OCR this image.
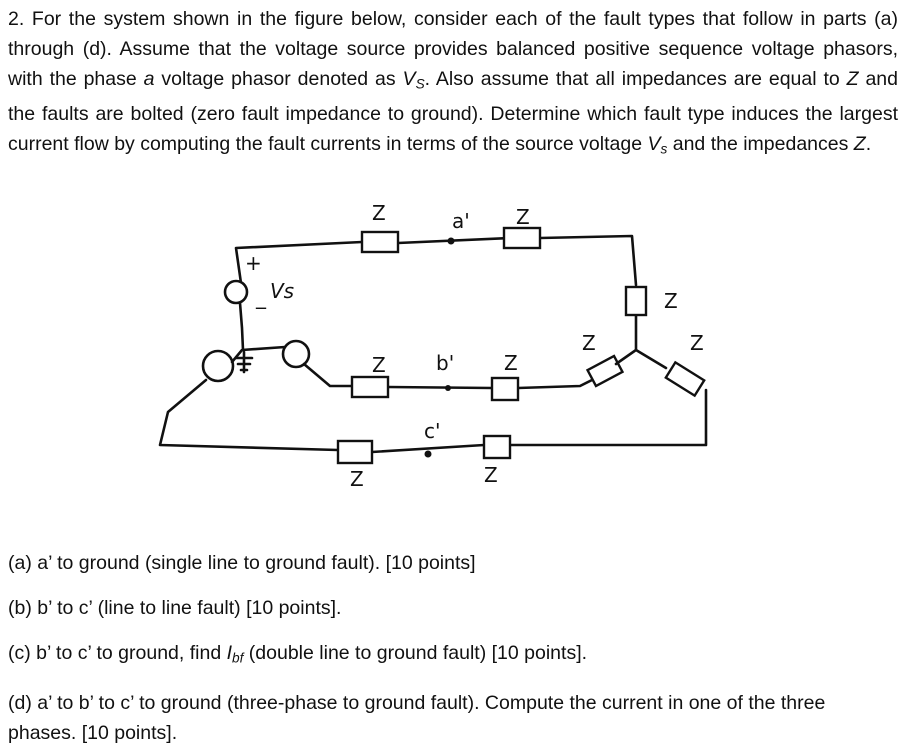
2. For the system shown in the figure below, consider each of the fault types that follow in parts (a) through (d). Assume that the voltage source provides balanced positive sequence voltage phasors, with the phase a voltage phasor denoted as $V_S$. Also assume that all impedances are equal to Z and the faults are bolted (zero fault impedance to ground). Determine which fault type induces the largest current flow by computing the fault currents in terms of the source voltage $V_s$ and the impedances Z.

+
_ Vs
Z	a' Z
Z
Z	b' Z
Z	Z
c'
Z	Z

(a) a’ to ground (single line to ground fault). [10 points]

(b) b’ to c’ (line to line fault) [10 points].

(c) b’ to c’ to ground, find $I_{bf}$ (double line to ground fault) [10 points].

(d) a’ to b’ to c’ to ground (three-phase to ground fault). Compute the current in one of the three phases. [10 points].
